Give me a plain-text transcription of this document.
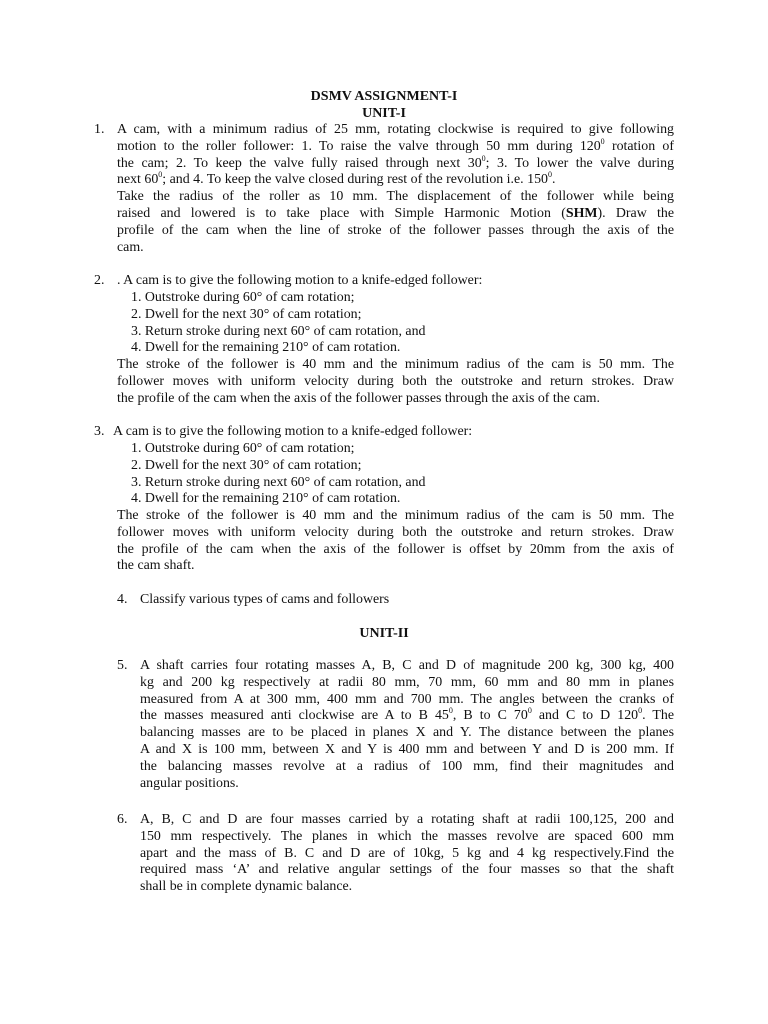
DSMV ASSIGNMENT-I
UNIT-I
1. A cam, with a minimum radius of 25 mm, rotating clockwise is required to give following
motion to the roller follower: 1. To raise the valve through 50 mm during $120^0$ rotation of
the cam; 2. To keep the valve fully raised through next $30^0$; 3. To lower the valve during
next $60^0$; and 4. To keep the valve closed during rest of the revolution i.e. $150^0$.
Take the radius of the roller as 10 mm. The displacement of the follower while being
raised and lowered is to take place with Simple Harmonic Motion (SHM). Draw the
profile of the cam when the line of stroke of the follower passes through the axis of the
cam.
2. . A cam is to give the following motion to a knife-edged follower:
1. Outstroke during 60° of cam rotation;
2. Dwell for the next 30° of cam rotation;
3. Return stroke during next 60° of cam rotation, and
4. Dwell for the remaining 210° of cam rotation.
The stroke of the follower is 40 mm and the minimum radius of the cam is 50 mm. The
follower moves with uniform velocity during both the outstroke and return strokes. Draw
the profile of the cam when the axis of the follower passes through the axis of the cam.
3. A cam is to give the following motion to a knife-edged follower:
1. Outstroke during 60° of cam rotation;
2. Dwell for the next 30° of cam rotation;
3. Return stroke during next 60° of cam rotation, and
4. Dwell for the remaining 210° of cam rotation.
The stroke of the follower is 40 mm and the minimum radius of the cam is 50 mm. The
follower moves with uniform velocity during both the outstroke and return strokes. Draw
the profile of the cam when the axis of the follower is offset by 20mm from the axis of
the cam shaft.
4. Classify various types of cams and followers
UNIT-II
5. A shaft carries four rotating masses A, B, C and D of magnitude 200 kg, 300 kg, 400
kg and 200 kg respectively at radii 80 mm, 70 mm, 60 mm and 80 mm in planes
measured from A at 300 mm, 400 mm and 700 mm. The angles between the cranks of
the masses measured anti clockwise are A to B $45^0$, B to C $70^0$ and C to D $120^0$. The
balancing masses are to be placed in planes X and Y. The distance between the planes
A and X is 100 mm, between X and Y is 400 mm and between Y and D is 200 mm. If
the balancing masses revolve at a radius of 100 mm, find their magnitudes and
angular positions.
6. A, B, C and D are four masses carried by a rotating shaft at radii 100,125, 200 and
150 mm respectively. The planes in which the masses revolve are spaced 600 mm
apart and the mass of B. C and D are of 10kg, 5 kg and 4 kg respectively.Find the
required mass ‘A’ and relative angular settings of the four masses so that the shaft
shall be in complete dynamic balance.
